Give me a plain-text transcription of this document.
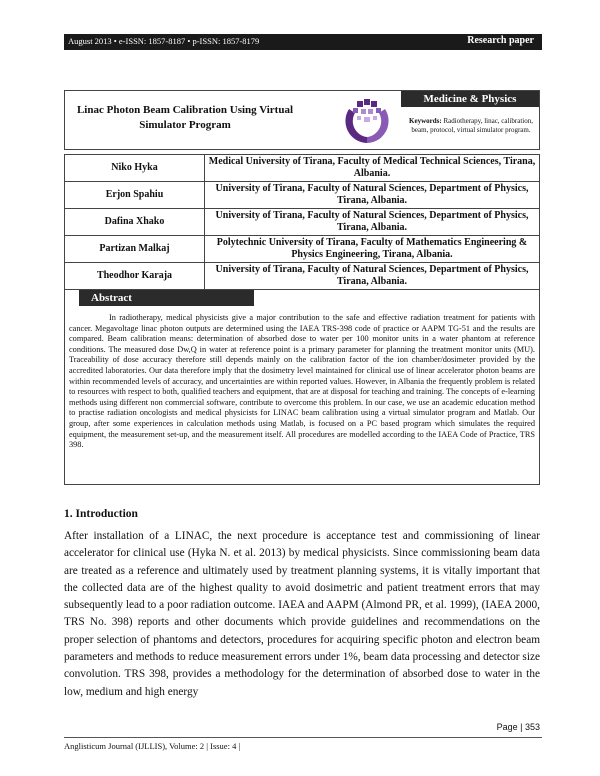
August 2013 • e-ISSN: 1857-8187 • p-ISSN: 1857-8179	Research paper
Linac Photon Beam Calibration Using Virtual
Simulator Program
Medicine & Physics
Keywords: Radiotherapy, linac, calibration, beam, protocol, virtual simulator program.
Niko Hyka	Medical University of Tirana, Faculty of Medical Technical Sciences, Tirana, Albania.
Erjon Spahiu	University of Tirana, Faculty of Natural Sciences, Department of Physics, Tirana, Albania.
Dafina Xhako	University of Tirana, Faculty of Natural Sciences, Department of Physics, Tirana, Albania.
Partizan Malkaj	Polytechnic University of Tirana, Faculty of Mathematics Engineering & Physics Engineering, Tirana, Albania.
Theodhor Karaja	University of Tirana, Faculty of Natural Sciences, Department of Physics, Tirana, Albania.
Abstract
In radiotherapy, medical physicists give a major contribution to the safe and effective radiation treatment for patients with cancer. Megavoltage linac photon outputs are determined using the IAEA TRS-398 code of practice or AAPM TG-51 and the results are compared. Beam calibration means: determination of absorbed dose to water per 100 monitor units in a water phantom at reference conditions. The measured dose Dw,Q in water at reference point is a primary parameter for planning the treatment monitor units (MU). Traceability of dose accuracy therefore still depends mainly on the calibration factor of the ion chamber/dosimeter provided by the accredited laboratories. Our data therefore imply that the dosimetry level maintained for clinical use of linear accelerator photon beams are within recommended levels of accuracy, and uncertainties are within reported values. However, in Albania the frequently problem is related to resources with respect to both, qualified teachers and equipment, that are at disposal for teaching and training. The concepts of e-learning methods using different non commercial software, contribute to overcome this problem. In our case, we use an academic education method to practise radiation oncologists and medical physicists for LINAC beam calibration using a virtual simulator program and Matlab. Our group, after some experiences in calculation methods using Matlab, is focused on a PC based program which simulates the required equipment, the measurement set-up, and the measurement itself. All procedures are modelled according to the IAEA Code of Practice, TRS 398.
1. Introduction
After installation of a LINAC, the next procedure is acceptance test and commissioning of linear accelerator for clinical use (Hyka N. et al. 2013) by medical physicists. Since commissioning beam data are treated as a reference and ultimately used by treatment planning systems, it is vitally important that the collected data are of the highest quality to avoid dosimetric and patient treatment errors that may subsequently lead to a poor radiation outcome. IAEA and AAPM (Almond PR, et al. 1999), (IAEA 2000, TRS No. 398) reports and other documents which provide guidelines and recommendations on the proper selection of phantoms and detectors, procedures for acquiring specific photon and electron beam parameters and methods to reduce measurement errors under 1%, beam data processing and detector size convolution. TRS 398, provides a methodology for the determination of absorbed dose to water in the low, medium and high energy
Page | 353
Anglisticum Journal (IJLLIS), Volume: 2 | Issue: 4 |
